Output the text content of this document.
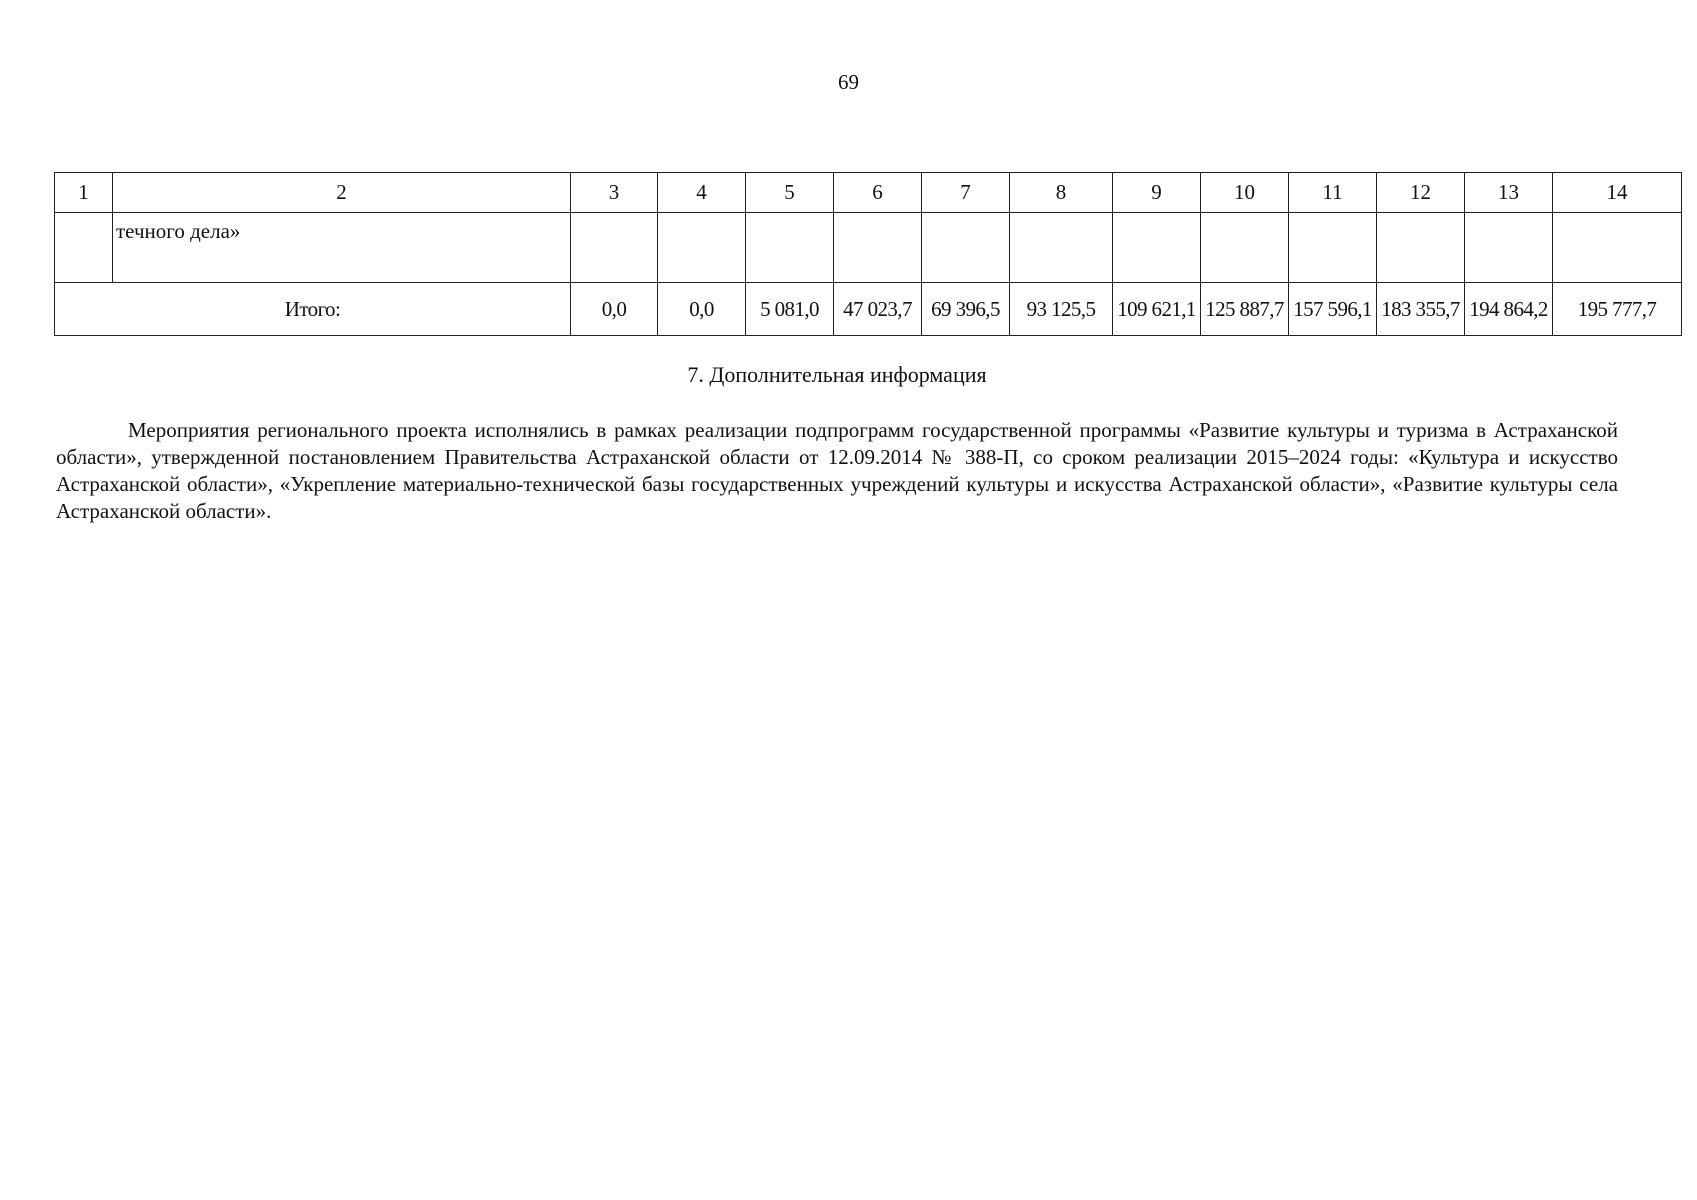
69
1	2	3	4	5	6	7	8	9	10	11	12	13	14
	течного дела»												
Итого:		0,0	0,0	5 081,0	47 023,7	69 396,5	93 125,5	109 621,1	125 887,7	157 596,1	183 355,7	194 864,2	195 777,7
7. Дополнительная информация

Мероприятия регионального проекта исполнялись в рамках реализации подпрограмм государственной программы «Развитие культуры и туризма в Астраханской области», утвержденной постановлением Правительства Астраханской области от 12.09.2014 № 388-П, со сроком реализации 2015–2024 годы: «Культура и искусство Астраханской области», «Укрепление материально-технической базы государственных учреждений культуры и искусства Астраханской области», «Развитие культуры села Астраханской области».
